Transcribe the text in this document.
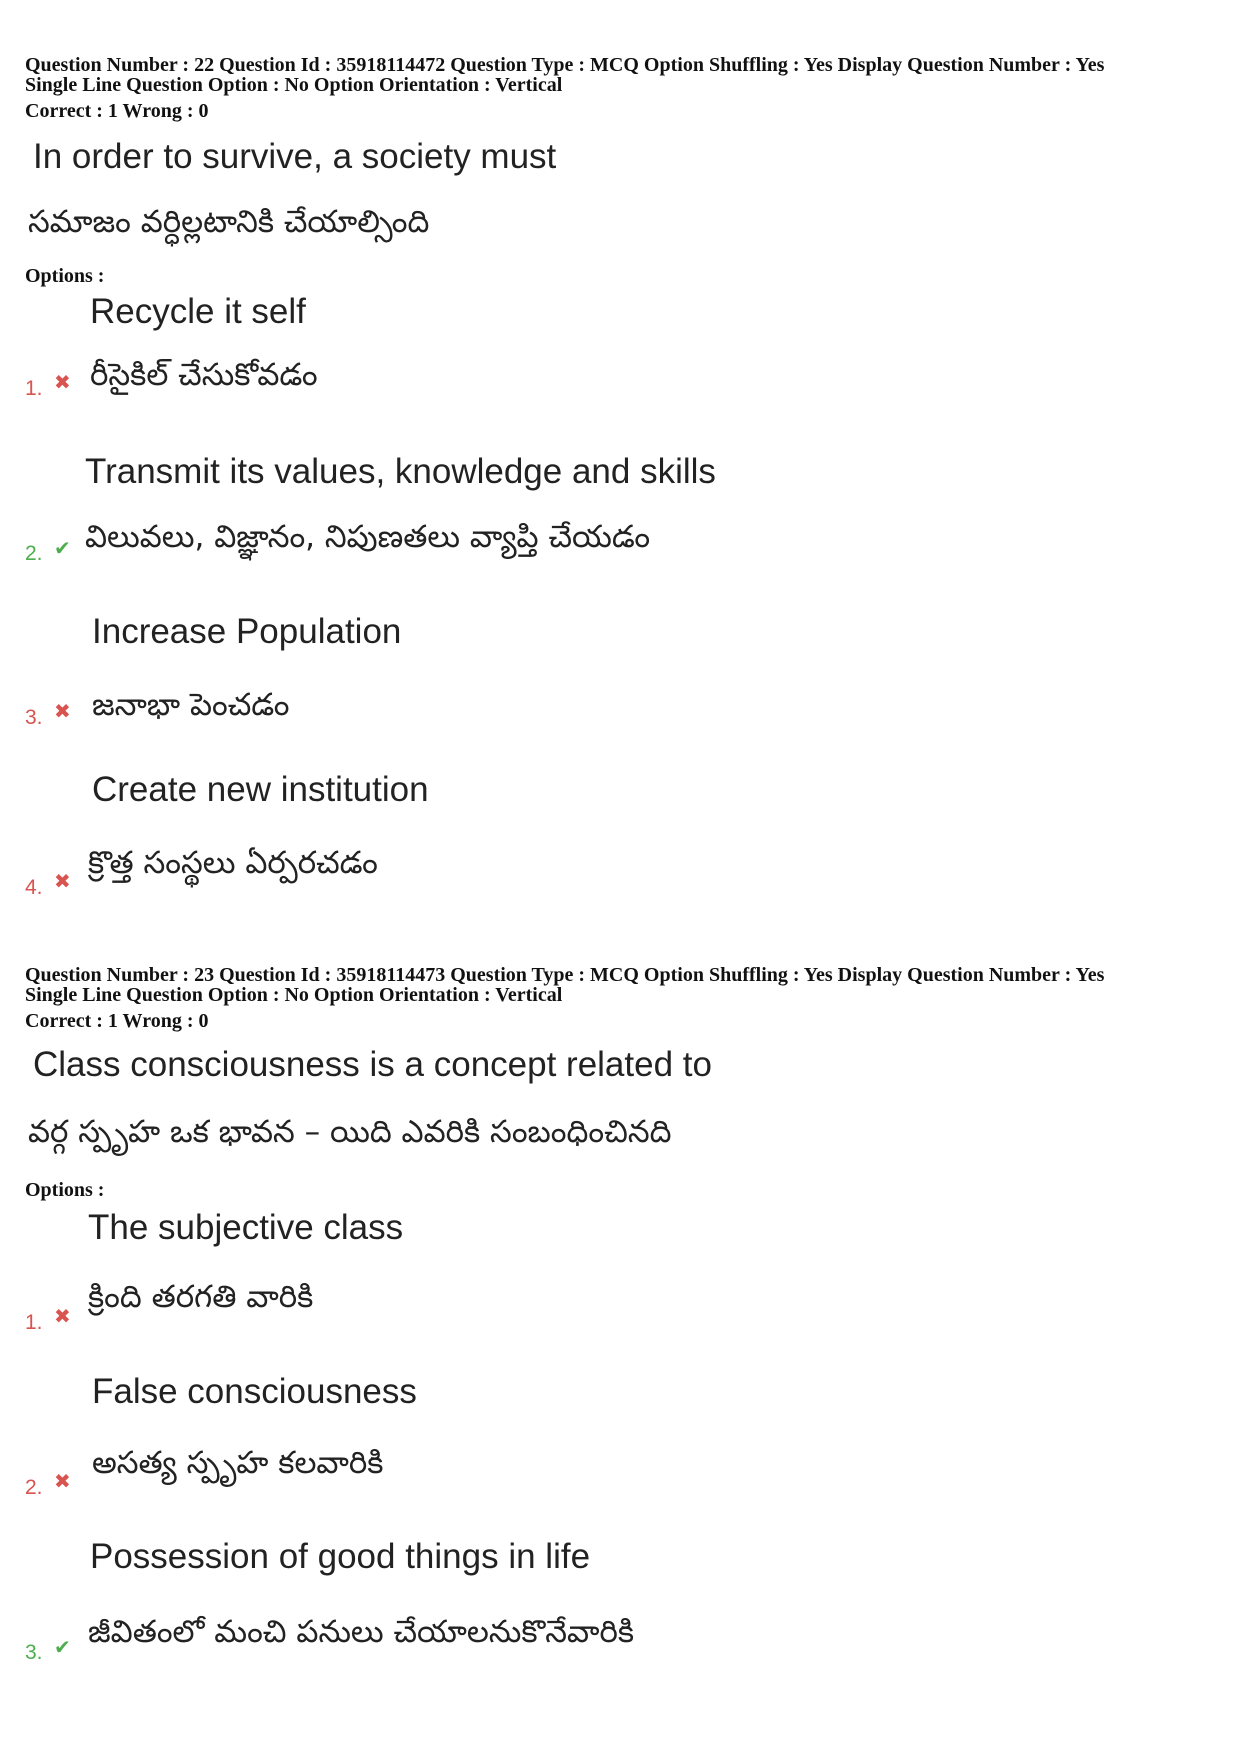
Question Number : 22 Question Id : 35918114472 Question Type : MCQ Option Shuffling : Yes Display Question Number : Yes
Single Line Question Option : No Option Orientation : Vertical
Correct : 1 Wrong : 0
In order to survive, a society must
సమాజం వర్ధిల్లటానికి చేయాల్సింది
Options :
Recycle it self
1. ✖ రీసైకిల్ చేసుకోవడం
Transmit its values, knowledge and skills
2. ✔ విలువలు, విజ్ఞానం, నిపుణతలు వ్యాప్తి చేయడం
Increase Population
3. ✖ జనాభా పెంచడం
Create new institution
4. ✖ క్రొత్త సంస్థలు ఏర్పరచడం
Question Number : 23 Question Id : 35918114473 Question Type : MCQ Option Shuffling : Yes Display Question Number : Yes
Single Line Question Option : No Option Orientation : Vertical
Correct : 1 Wrong : 0
Class consciousness is a concept related to
వర్గ స్పృహ ఒక భావన – యిది ఎవరికి సంబంధించినది
Options :
The subjective class
1. ✖
క్రింది తరగతి వారికి
False consciousness
2. ✖ అసత్య స్పృహ కలవారికి
Possession of good things in life
3. ✔ జీవితంలో మంచి పనులు చేయాలనుకొనేవారికి
